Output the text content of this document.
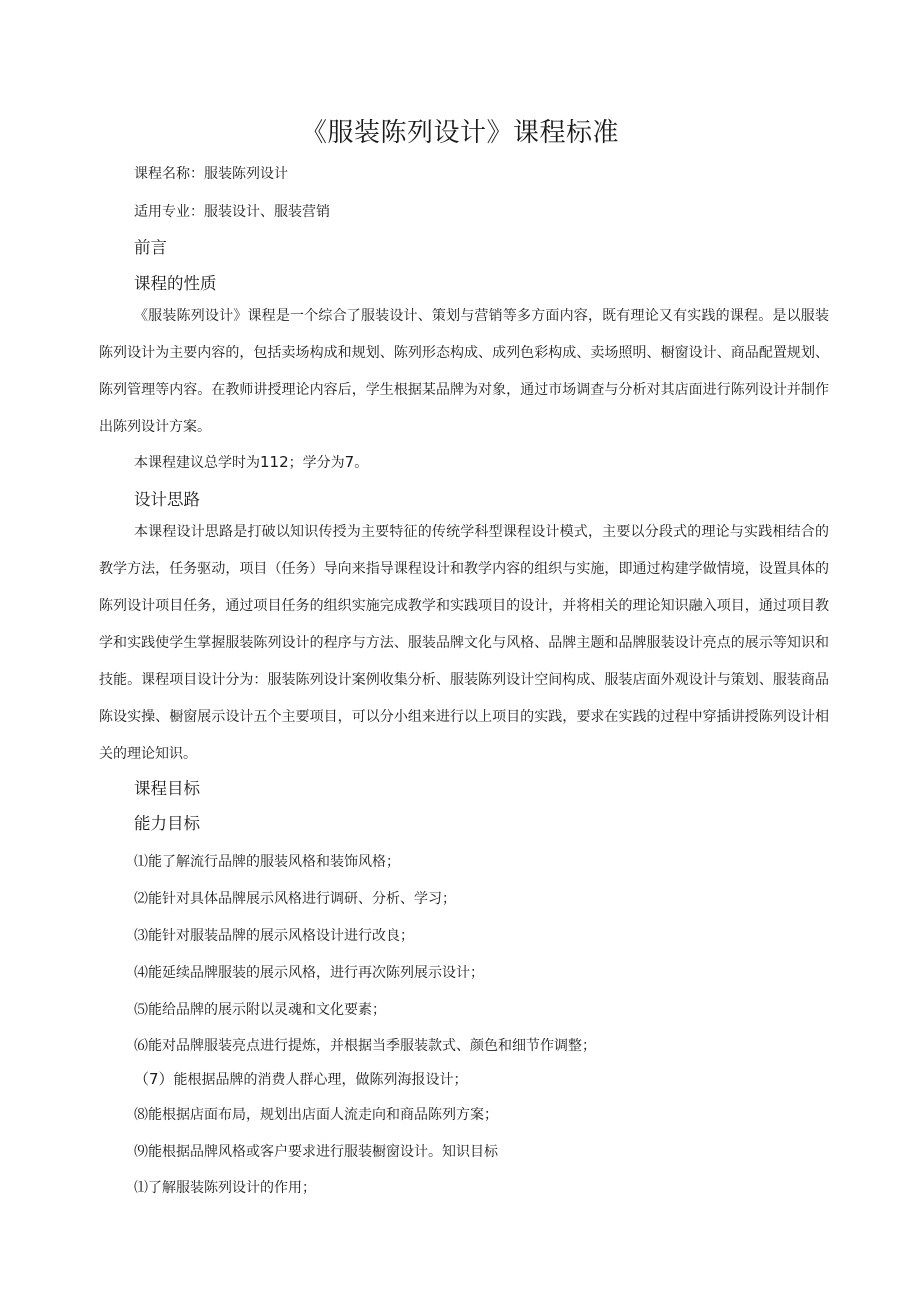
《服装陈列设计》课程标准
课程名称：服装陈列设计
适用专业：服装设计、服装营销
前言
课程的性质

《服装陈列设计》课程是一个综合了服装设计、策划与营销等多方面内容，既有理论又有实践的课程。是以服装陈列设计为主要内容的，包括卖场构成和规划、陈列形态构成、成列色彩构成、卖场照明、橱窗设计、商品配置规划、陈列管理等内容。在教师讲授理论内容后，学生根据某品牌为对象，通过市场调查与分析对其店面进行陈列设计并制作出陈列设计方案。

本课程建议总学时为112；学分为7。
设计思路

本课程设计思路是打破以知识传授为主要特征的传统学科型课程设计模式，主要以分段式的理论与实践相结合的教学方法，任务驱动，项目（任务）导向来指导课程设计和教学内容的组织与实施，即通过构建学做情境，设置具体的陈列设计项目任务，通过项目任务的组织实施完成教学和实践项目的设计，并将相关的理论知识融入项目，通过项目教学和实践使学生掌握服装陈列设计的程序与方法、服装品牌文化与风格、品牌主题和品牌服装设计亮点的展示等知识和技能。课程项目设计分为：服装陈列设计案例收集分析、服装陈列设计空间构成、服装店面外观设计与策划、服装商品陈设实操、橱窗展示设计五个主要项目，可以分小组来进行以上项目的实践，要求在实践的过程中穿插讲授陈列设计相关的理论知识。

课程目标
能力目标
⑴能了解流行品牌的服装风格和装饰风格；
⑵能针对具体品牌展示风格进行调研、分析、学习；
⑶能针对服装品牌的展示风格设计进行改良；
⑷能延续品牌服装的展示风格，进行再次陈列展示设计；
⑸能给品牌的展示附以灵魂和文化要素；
⑹能对品牌服装亮点进行提炼，并根据当季服装款式、颜色和细节作调整；
（7）能根据品牌的消费人群心理，做陈列海报设计；
⑻能根据店面布局，规划出店面人流走向和商品陈列方案；
⑼能根据品牌风格或客户要求进行服装橱窗设计。知识目标
⑴了解服装陈列设计的作用；
